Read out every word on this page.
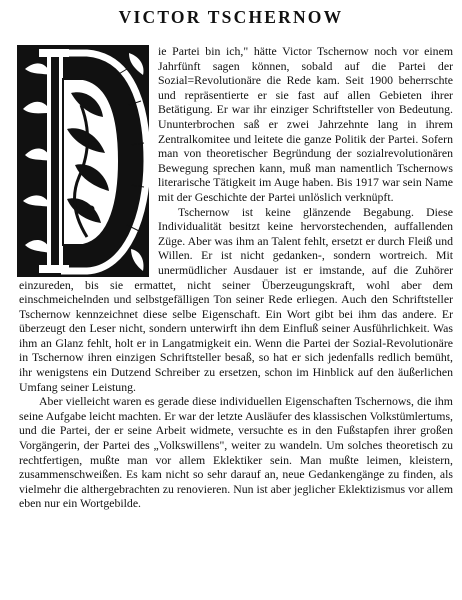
VICTOR TSCHERNOW

ie Partei bin ich," hätte Victor Tschernow noch vor einem Jahrfünft sagen können, sobald auf die Partei der Sozial=Revolutionäre die Rede kam. Seit 1900 beherrschte und repräsentierte er sie fast auf allen Gebieten ihrer Betätigung. Er war ihr einziger Schriftsteller von Bedeutung. Ununterbrochen saß er zwei Jahrzehnte lang in ihrem Zentralkomitee und leitete die ganze Politik der Partei. Sofern man von theoretischer Begründung der sozialrevolutionären Bewegung sprechen kann, muß man namentlich Tschernows literarische Tätigkeit im Auge haben. Bis 1917 war sein Name mit der Geschichte der Partei unlöslich verknüpft.

Tschernow ist keine glänzende Begabung. Diese Individualität besitzt keine hervorstechenden, auffallenden Züge. Aber was ihm an Talent fehlt, ersetzt er durch Fleiß und Willen. Er ist nicht gedanken-, sondern wortreich. Mit unermüdlicher Ausdauer ist er imstande, auf die Zuhörer einzureden, bis sie ermattet, nicht seiner Überzeugungskraft, wohl aber dem einschmeichelnden und selbstgefälligen Ton seiner Rede erliegen. Auch den Schriftsteller Tschernow kennzeichnet diese selbe Eigenschaft. Ein Wort gibt bei ihm das andere. Er überzeugt den Leser nicht, sondern unterwirft ihn dem Einfluß seiner Ausführlichkeit. Was ihm an Glanz fehlt, holt er in Langatmigkeit ein. Wenn die Partei der Sozial-Revolutionäre in Tschernow ihren einzigen Schriftsteller besaß, so hat er sich jedenfalls redlich bemüht, ihr wenigstens ein Dutzend Schreiber zu ersetzen, schon im Hinblick auf den äußerlichen Umfang seiner Leistung.

Aber vielleicht waren es gerade diese individuellen Eigenschaften Tschernows, die ihm seine Aufgabe leicht machten. Er war der letzte Ausläufer des klassischen Volkstümlertums, und die Partei, der er seine Arbeit widmete, versuchte es in den Fußstapfen ihrer großen Vorgängerin, der Partei des „Volkswillens", weiter zu wandeln. Um solches theoretisch zu rechtfertigen, mußte man vor allem Eklektiker sein. Man mußte leimen, kleistern, zusammenschweißen. Es kam nicht so sehr darauf an, neue Gedankengänge zu finden, als vielmehr die althergebrachten zu renovieren. Nun ist aber jeglicher Eklektizismus vor allem eben nur ein Wortgebilde.
